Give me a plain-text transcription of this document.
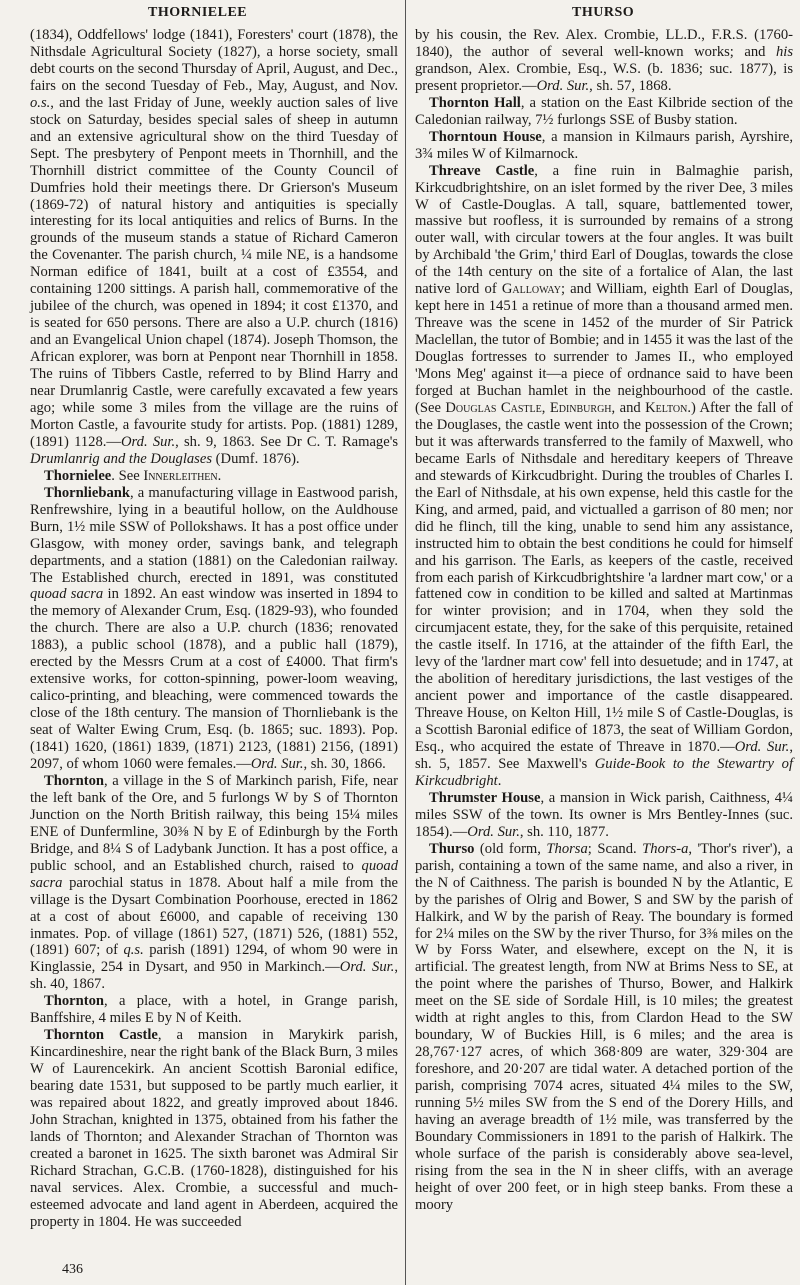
THORNIELEE	THURSO

(1834), Oddfellows' lodge (1841), Foresters' court (1878), the Nithsdale Agricultural Society (1827), a horse society, small debt courts on the second Thursday of April, August, and Dec., fairs on the second Tuesday of Feb., May, August, and Nov. o.s., and the last Friday of June, weekly auction sales of live stock on Saturday, besides special sales of sheep in autumn and an extensive agricultural show on the third Tuesday of Sept. The presbytery of Penpont meets in Thornhill, and the Thornhill district committee of the County Council of Dumfries hold their meetings there. Dr Grierson's Museum (1869-72) of natural history and antiquities is specially interesting for its local antiquities and relics of Burns. In the grounds of the museum stands a statue of Richard Cameron the Covenanter. The parish church, ¼ mile NE, is a handsome Norman edifice of 1841, built at a cost of £3554, and containing 1200 sittings. A parish hall, commemorative of the jubilee of the church, was opened in 1894; it cost £1370, and is seated for 650 persons. There are also a U.P. church (1816) and an Evangelical Union chapel (1874). Joseph Thomson, the African explorer, was born at Penpont near Thornhill in 1858. The ruins of Tibbers Castle, referred to by Blind Harry and near Drumlanrig Castle, were carefully excavated a few years ago; while some 3 miles from the village are the ruins of Morton Castle, a favourite study for artists. Pop. (1881) 1289, (1891) 1128.—Ord. Sur., sh. 9, 1863. See Dr C. T. Ramage's Drumlanrig and the Douglases (Dumf. 1876).

Thornielee. See Innerleithen.

Thornliebank, a manufacturing village in Eastwood parish, Renfrewshire, lying in a beautiful hollow, on the Auldhouse Burn, 1½ mile SSW of Pollokshaws. It has a post office under Glasgow, with money order, savings bank, and telegraph departments, and a station (1881) on the Caledonian railway. The Established church, erected in 1891, was constituted quoad sacra in 1892. An east window was inserted in 1894 to the memory of Alexander Crum, Esq. (1829-93), who founded the church. There are also a U.P. church (1836; renovated 1883), a public school (1878), and a public hall (1879), erected by the Messrs Crum at a cost of £4000. That firm's extensive works, for cotton-spinning, power-loom weaving, calico-printing, and bleaching, were commenced towards the close of the 18th century. The mansion of Thornliebank is the seat of Walter Ewing Crum, Esq. (b. 1865; suc. 1893). Pop. (1841) 1620, (1861) 1839, (1871) 2123, (1881) 2156, (1891) 2097, of whom 1060 were females.—Ord. Sur., sh. 30, 1866.

Thornton, a village in the S of Markinch parish, Fife, near the left bank of the Ore, and 5 furlongs W by S of Thornton Junction on the North British railway, this being 15¼ miles ENE of Dunfermline, 30⅜ N by E of Edinburgh by the Forth Bridge, and 8¼ S of Ladybank Junction. It has a post office, a public school, and an Established church, raised to quoad sacra parochial status in 1878. About half a mile from the village is the Dysart Combination Poorhouse, erected in 1862 at a cost of about £6000, and capable of receiving 130 inmates. Pop. of village (1861) 527, (1871) 526, (1881) 552, (1891) 607; of q.s. parish (1891) 1294, of whom 90 were in Kinglassie, 254 in Dysart, and 950 in Markinch.—Ord. Sur., sh. 40, 1867.

Thornton, a place, with a hotel, in Grange parish, Banffshire, 4 miles E by N of Keith.

Thornton Castle, a mansion in Marykirk parish, Kincardineshire, near the right bank of the Black Burn, 3 miles W of Laurencekirk. An ancient Scottish Baronial edifice, bearing date 1531, but supposed to be partly much earlier, it was repaired about 1822, and greatly improved about 1846. John Strachan, knighted in 1375, obtained from his father the lands of Thornton; and Alexander Strachan of Thornton was created a baronet in 1625. The sixth baronet was Admiral Sir Richard Strachan, G.C.B. (1760-1828), distinguished for his naval services. Alex. Crombie, a successful and much-esteemed advocate and land agent in Aberdeen, acquired the property in 1804. He was succeeded

by his cousin, the Rev. Alex. Crombie, LL.D., F.R.S. (1760-1840), the author of several well-known works; and his grandson, Alex. Crombie, Esq., W.S. (b. 1836; suc. 1877), is present proprietor.—Ord. Sur., sh. 57, 1868.

Thornton Hall, a station on the East Kilbride section of the Caledonian railway, 7½ furlongs SSE of Busby station.

Thorntoun House, a mansion in Kilmaurs parish, Ayrshire, 3¾ miles W of Kilmarnock.

Threave Castle, a fine ruin in Balmaghie parish, Kirkcudbrightshire, on an islet formed by the river Dee, 3 miles W of Castle-Douglas. A tall, square, battlemented tower, massive but roofless, it is surrounded by remains of a strong outer wall, with circular towers at the four angles. It was built by Archibald 'the Grim,' third Earl of Douglas, towards the close of the 14th century on the site of a fortalice of Alan, the last native lord of Galloway; and William, eighth Earl of Douglas, kept here in 1451 a retinue of more than a thousand armed men. Threave was the scene in 1452 of the murder of Sir Patrick Maclellan, the tutor of Bombie; and in 1455 it was the last of the Douglas fortresses to surrender to James II., who employed 'Mons Meg' against it—a piece of ordnance said to have been forged at Buchan hamlet in the neighbourhood of the castle. (See Douglas Castle, Edinburgh, and Kelton.) After the fall of the Douglases, the castle went into the possession of the Crown; but it was afterwards transferred to the family of Maxwell, who became Earls of Nithsdale and hereditary keepers of Threave and stewards of Kirkcudbright. During the troubles of Charles I. the Earl of Nithsdale, at his own expense, held this castle for the King, and armed, paid, and victualled a garrison of 80 men; nor did he flinch, till the king, unable to send him any assistance, instructed him to obtain the best conditions he could for himself and his garrison. The Earls, as keepers of the castle, received from each parish of Kirkcudbrightshire 'a lardner mart cow,' or a fattened cow in condition to be killed and salted at Martinmas for winter provision; and in 1704, when they sold the circumjacent estate, they, for the sake of this perquisite, retained the castle itself. In 1716, at the attainder of the fifth Earl, the levy of the 'lardner mart cow' fell into desuetude; and in 1747, at the abolition of hereditary jurisdictions, the last vestiges of the ancient power and importance of the castle disappeared. Threave House, on Kelton Hill, 1½ mile S of Castle-Douglas, is a Scottish Baronial edifice of 1873, the seat of William Gordon, Esq., who acquired the estate of Threave in 1870.—Ord. Sur., sh. 5, 1857. See Maxwell's Guide-Book to the Stewartry of Kirkcudbright.

Thrumster House, a mansion in Wick parish, Caithness, 4¼ miles SSW of the town. Its owner is Mrs Bentley-Innes (suc. 1854).—Ord. Sur., sh. 110, 1877.

Thurso (old form, Thorsa; Scand. Thors-a, 'Thor's river'), a parish, containing a town of the same name, and also a river, in the N of Caithness. The parish is bounded N by the Atlantic, E by the parishes of Olrig and Bower, S and SW by the parish of Halkirk, and W by the parish of Reay. The boundary is formed for 2¼ miles on the SW by the river Thurso, for 3⅜ miles on the W by Forss Water, and elsewhere, except on the N, it is artificial. The greatest length, from NW at Brims Ness to SE, at the point where the parishes of Thurso, Bower, and Halkirk meet on the SE side of Sordale Hill, is 10 miles; the greatest width at right angles to this, from Clardon Head to the SW boundary, W of Buckies Hill, is 6 miles; and the area is 28,767·127 acres, of which 368·809 are water, 329·304 are foreshore, and 20·207 are tidal water. A detached portion of the parish, comprising 7074 acres, situated 4¼ miles to the SW, running 5½ miles SW from the S end of the Dorery Hills, and having an average breadth of 1½ mile, was transferred by the Boundary Commissioners in 1891 to the parish of Halkirk. The whole surface of the parish is considerably above sea-level, rising from the sea in the N in sheer cliffs, with an average height of over 200 feet, or in high steep banks. From these a moory

436
